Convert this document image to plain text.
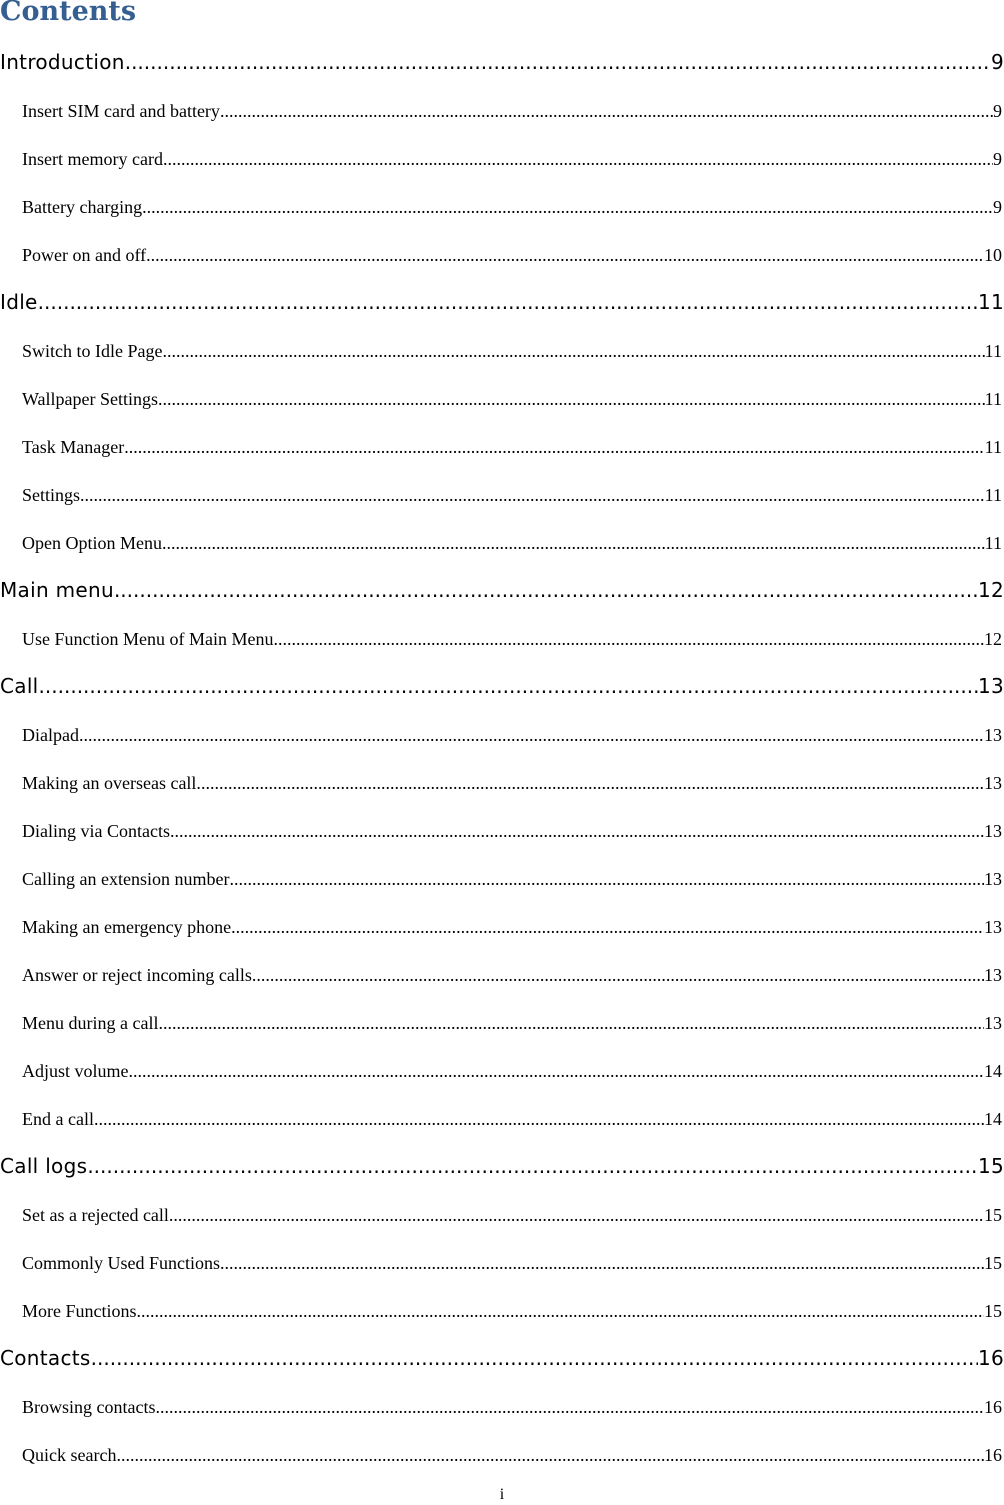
Contents
Introduction .....	9
Insert SIM card and battery .....	9
Insert memory card .....	9
Battery charging .....	9
Power on and off .....	10
Idle .....	11
Switch to Idle Page .....	11
Wallpaper Settings .....	11
Task Manager .....	11
Settings .....	11
Open Option Menu .....	11
Main menu .....	12
Use Function Menu of Main Menu .....	12
Call .....	13
Dialpad .....	13
Making an overseas call. .....	13
Dialing via Contacts .....	13
Calling an extension number .....	13
Making an emergency phone .....	13
Answer or reject incoming calls .....	13
Menu during a call .....	13
Adjust volume .....	14
End a call .....	14
Call logs .....	15
Set as a rejected call .....	15
Commonly Used Functions .....	15
More Functions .....	15
Contacts .....	16
Browsing contacts .....	16
Quick search .....	16
i
